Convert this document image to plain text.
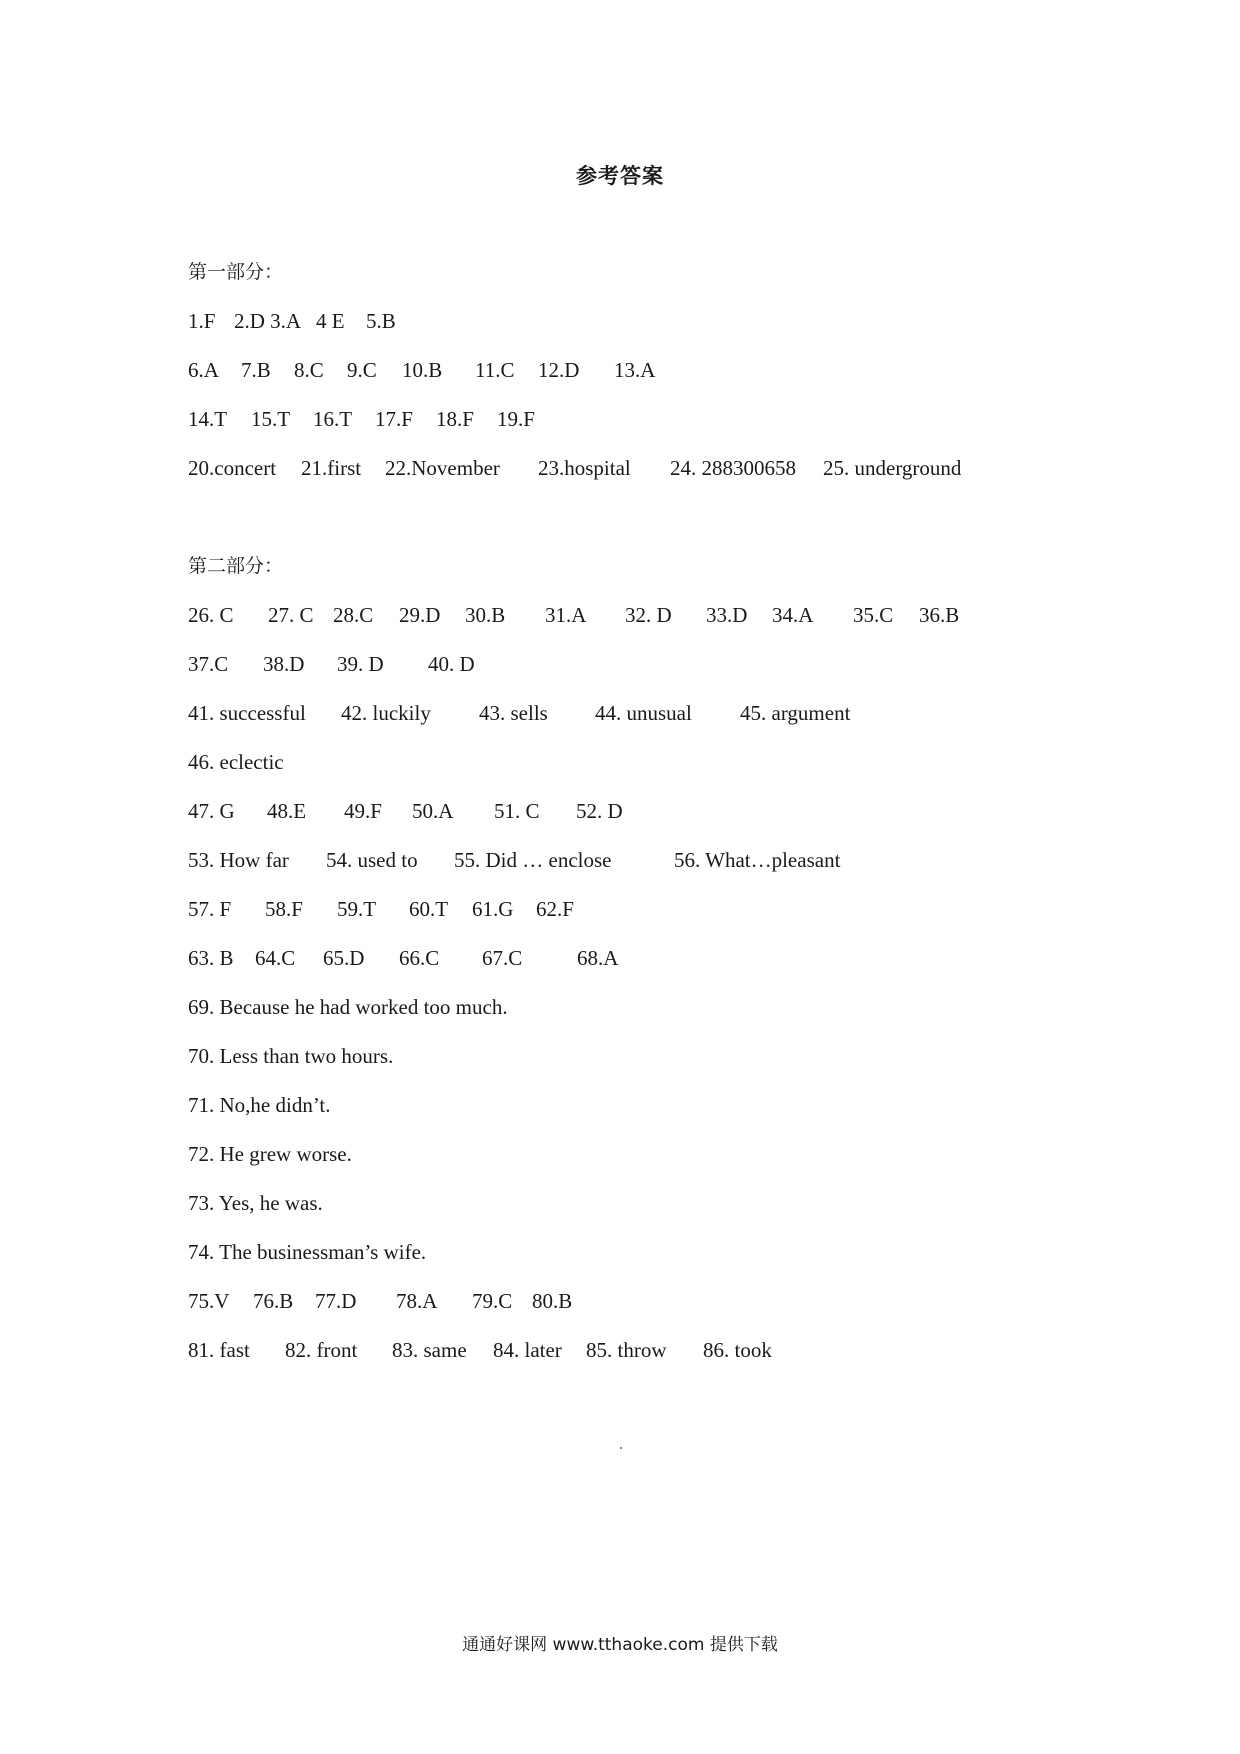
参考答案
第一部分：
1.F 2.D 3.A 4 E 5.B
6.A 7.B 8.C 9.C 10.B 11.C 12.D 13.A
14.T 15.T 16.T 17.F 18.F 19.F
20.concert 21.first 22.November 23.hospital 24. 288300658 25. underground
第二部分：
26. C 27. C 28.C 29.D 30.B 31.A 32. D 33.D 34.A 35.C 36.B
37.C 38.D 39. D 40. D
41. successful 42. luckily 43. sells 44. unusual 45. argument
46. eclectic
47. G 48.E 49.F 50.A 51. C 52. D
53. How far 54. used to 55. Did … enclose	56. What…pleasant
57. F 58.F 59.T 60.T 61.G 62.F
63. B 64.C 65.D 66.C 67.C	68.A
69. Because he had worked too much.
70. Less than two hours.
71. No,he didn’t.
72. He grew worse.
73. Yes, he was.
74. The businessman’s wife.
75.V 76.B 77.D 78.A 79.C 80.B
81. fast 82. front 83. same 84. later 85. throw 86. took
通通好课网 www.tthaoke.com 提供下载
